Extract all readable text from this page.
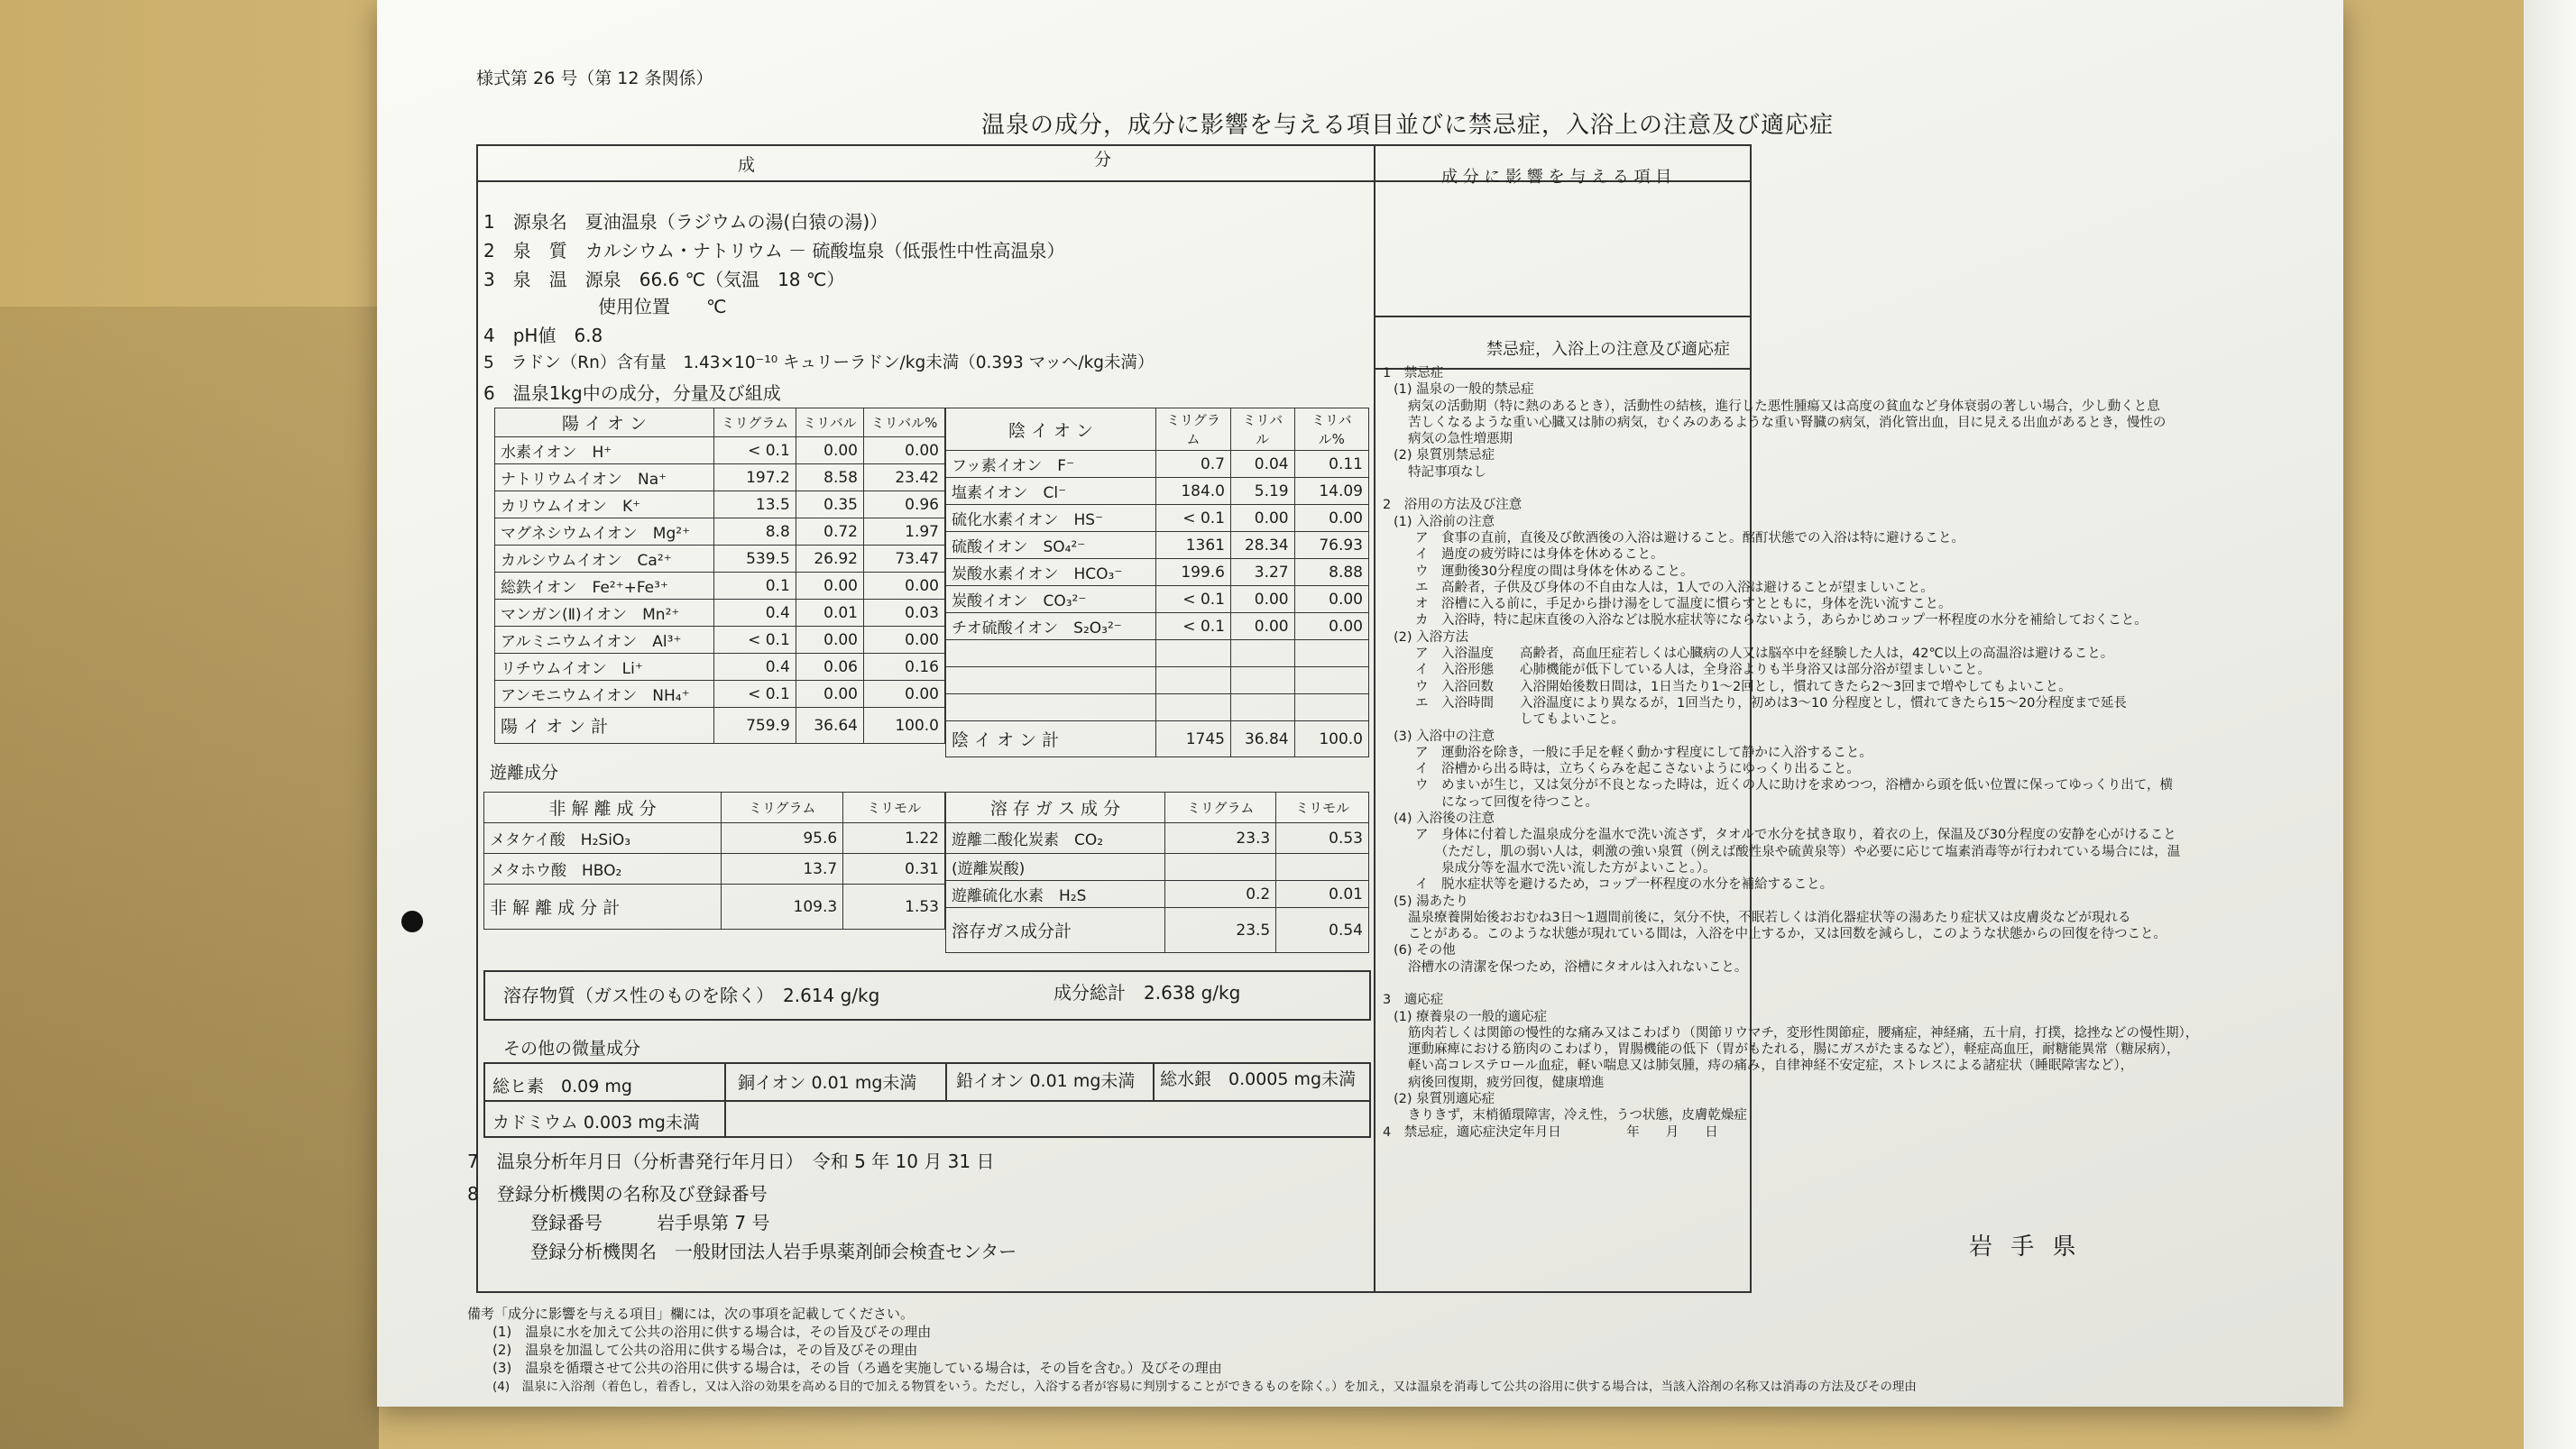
様式第 26 号（第 12 条関係）
温泉の成分，成分に影響を与える項目並びに禁忌症，入浴上の注意及び適応症
成	分
成 分 に 影 響 を 与 え る 項 目
禁忌症，入浴上の注意及び適応症
1　源泉名　夏油温泉（ラジウムの湯(白猿の湯)）
2　泉　質　カルシウム・ナトリウム － 硫酸塩泉（低張性中性高温泉）
3　泉　温　源泉　66.6 ℃（気温　18 ℃）
使用位置　　℃
4　pH値　6.8
5　ラドン（Rn）含有量　1.43×10⁻¹⁰ キュリーラドン/kg未満（0.393 マッヘ/kg未満）
6　温泉1kg中の成分，分量及び組成
陽 イ オ ン	ミリグラム	ミリバル	ミリバル%
水素イオン　H⁺	< 0.1	0.00	0.00
ナトリウムイオン　Na⁺	197.2	8.58	23.42
カリウムイオン　K⁺	13.5	0.35	0.96
マグネシウムイオン　Mg²⁺	8.8	0.72	1.97
カルシウムイオン　Ca²⁺	539.5	26.92	73.47
総鉄イオン　Fe²⁺+Fe³⁺	0.1	0.00	0.00
マンガン(Ⅱ)イオン　Mn²⁺	0.4	0.01	0.03
アルミニウムイオン　Al³⁺	< 0.1	0.00	0.00
リチウムイオン　Li⁺	0.4	0.06	0.16
アンモニウムイオン　NH₄⁺	< 0.1	0.00	0.00
陽 イ オ ン 計	759.9	36.64	100.0
陰 イ オ ン	ミリグラム	ミリバル	ミリバル%
フッ素イオン　F⁻	0.7	0.04	0.11
塩素イオン　Cl⁻	184.0	5.19	14.09
硫化水素イオン　HS⁻	< 0.1	0.00	0.00
硫酸イオン　SO₄²⁻	1361	28.34	76.93
炭酸水素イオン　HCO₃⁻	199.6	3.27	8.88
炭酸イオン　CO₃²⁻	< 0.1	0.00	0.00
チオ硫酸イオン　S₂O₃²⁻	< 0.1	0.00	0.00

陰 イ オ ン 計	1745	36.84	100.0
遊離成分
非 解 離 成 分	ミリグラム	ミリモル
メタケイ酸　H₂SiO₃	95.6	1.22
メタホウ酸　HBO₂	13.7	0.31
非 解 離 成 分 計	109.3	1.53
溶 存 ガ ス 成 分	ミリグラム	ミリモル
遊離二酸化炭素　CO₂	23.3	0.53
(遊離炭酸)		
遊離硫化水素　H₂S	0.2	0.01
溶存ガス成分計	23.5	0.54
溶存物質（ガス性のものを除く）　2.614 g/kg	成分総計　2.638 g/kg
その他の微量成分
総ヒ素　0.09 mg	銅イオン 0.01 mg未満 鉛イオン 0.01 mg未満 総水銀　0.0005 mg未満
カドミウム 0.003 mg未満
7　温泉分析年月日（分析書発行年月日）　令和 5 年 10 月 31 日
8　登録分析機関の名称及び登録番号
登録番号　　　岩手県第 7 号
登録分析機関名　一般財団法人岩手県薬剤師会検査センター
1　禁忌症
(1) 温泉の一般的禁忌症
病気の活動期（特に熱のあるとき），活動性の結核，進行した悪性腫瘍又は高度の貧血など身体衰弱の著しい場合，少し動くと息
苦しくなるような重い心臓又は肺の病気，むくみのあるような重い腎臓の病気，消化管出血，目に見える出血があるとき，慢性の
病気の急性増悪期
(2) 泉質別禁忌症
特記事項なし
2　浴用の方法及び注意
(1) 入浴前の注意
ア　食事の直前，直後及び飲酒後の入浴は避けること。酩酊状態での入浴は特に避けること。
イ　過度の疲労時には身体を休めること。
ウ　運動後30分程度の間は身体を休めること。
エ　高齢者，子供及び身体の不自由な人は，1人での入浴は避けることが望ましいこと。
オ　浴槽に入る前に，手足から掛け湯をして温度に慣らすとともに，身体を洗い流すこと。
カ　入浴時，特に起床直後の入浴などは脱水症状等にならないよう，あらかじめコップ一杯程度の水分を補給しておくこと。
(2) 入浴方法
ア　入浴温度　　高齢者，高血圧症若しくは心臓病の人又は脳卒中を経験した人は，42℃以上の高温浴は避けること。
イ　入浴形態　　心肺機能が低下している人は，全身浴よりも半身浴又は部分浴が望ましいこと。
ウ　入浴回数　　入浴開始後数日間は，1日当たり1～2回とし，慣れてきたら2～3回まで増やしてもよいこと。
エ　入浴時間　　入浴温度により異なるが，1回当たり，初めは3～10 分程度とし，慣れてきたら15～20分程度まで延長
　　　　　　　　してもよいこと。
(3) 入浴中の注意
ア　運動浴を除き，一般に手足を軽く動かす程度にして静かに入浴すること。
イ　浴槽から出る時は，立ちくらみを起こさないようにゆっくり出ること。
ウ　めまいが生じ，又は気分が不良となった時は，近くの人に助けを求めつつ，浴槽から頭を低い位置に保ってゆっくり出て，横
　　になって回復を待つこと。
(4) 入浴後の注意
ア　身体に付着した温泉成分を温水で洗い流さず，タオルで水分を拭き取り，着衣の上，保温及び30分程度の安静を心がけること
　　（ただし，肌の弱い人は，刺激の強い泉質（例えば酸性泉や硫黄泉等）や必要に応じて塩素消毒等が行われている場合には，温
　　泉成分等を温水で洗い流した方がよいこと。）。
イ　脱水症状等を避けるため，コップ一杯程度の水分を補給すること。
(5) 湯あたり
温泉療養開始後おおむね3日～1週間前後に，気分不快，不眠若しくは消化器症状等の湯あたり症状又は皮膚炎などが現れる
ことがある。このような状態が現れている間は，入浴を中止するか，又は回数を減らし，このような状態からの回復を待つこと。
(6) その他
浴槽水の清潔を保つため，浴槽にタオルは入れないこと。
3　適応症
(1) 療養泉の一般的適応症
筋肉若しくは関節の慢性的な痛み又はこわばり（関節リウマチ，変形性関節症，腰痛症，神経痛，五十肩，打撲，捻挫などの慢性期），
運動麻痺における筋肉のこわばり，胃腸機能の低下（胃がもたれる，腸にガスがたまるなど），軽症高血圧，耐糖能異常（糖尿病），
軽い高コレステロール血症，軽い喘息又は肺気腫，痔の痛み，自律神経不安定症，ストレスによる諸症状（睡眠障害など），
病後回復期，疲労回復，健康増進
(2) 泉質別適応症
きりきず，末梢循環障害，冷え性，うつ状態，皮膚乾燥症
4　禁忌症，適応症決定年月日　　　　　年　　月　　日
岩 手 県
備考「成分に影響を与える項目」欄には，次の事項を記載してください。
(1)　温泉に水を加えて公共の浴用に供する場合は，その旨及びその理由
(2)　温泉を加温して公共の浴用に供する場合は，その旨及びその理由
(3)　温泉を循環させて公共の浴用に供する場合は，その旨（ろ過を実施している場合は，その旨を含む。）及びその理由
(4)　温泉に入浴剤（着色し，着香し，又は入浴の効果を高める目的で加える物質をいう。ただし，入浴する者が容易に判別することができるものを除く。）を加え，又は温泉を消毒して公共の浴用に供する場合は，当該入浴剤の名称又は消毒の方法及びその理由
